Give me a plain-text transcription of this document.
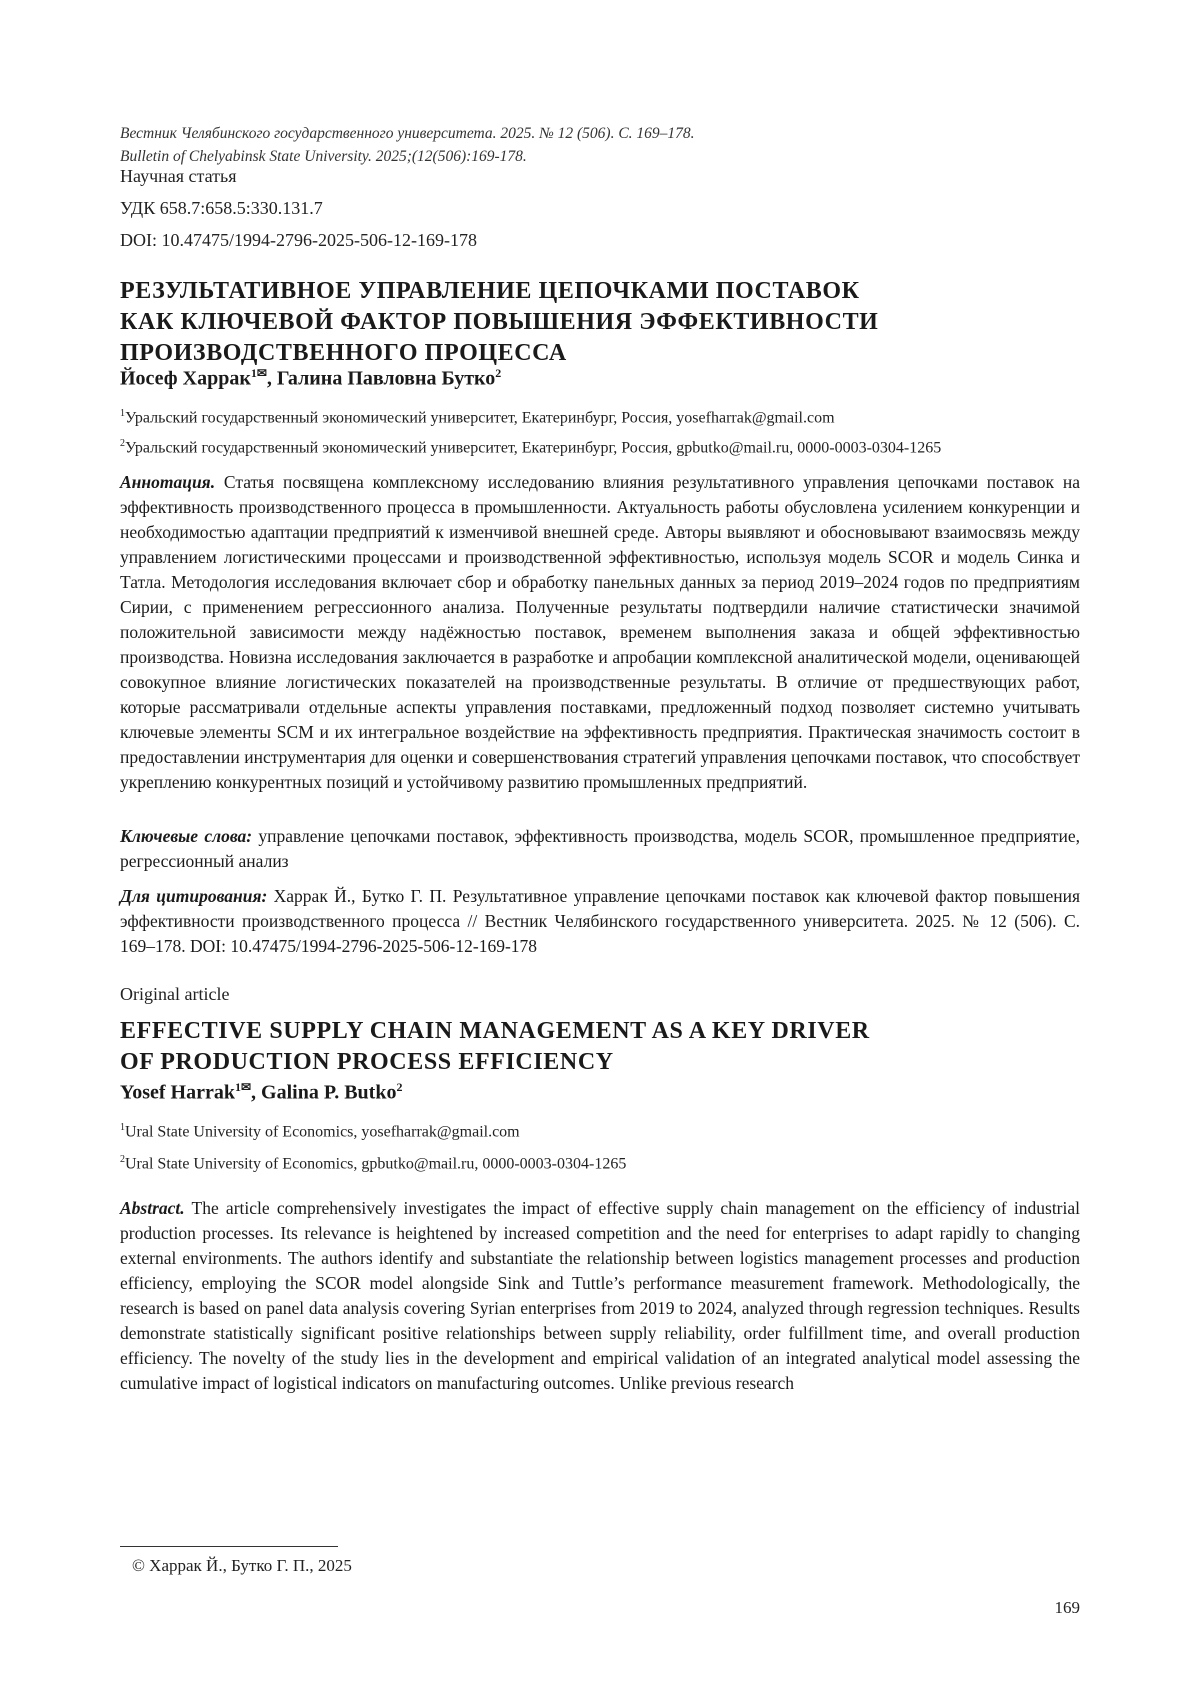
Вестник Челябинского государственного университета. 2025. № 12 (506). С. 169–178.
Bulletin of Chelyabinsk State University. 2025;(12(506):169-178.
Научная статья
УДК 658.7:658.5:330.131.7
DOI: 10.47475/1994-2796-2025-506-12-169-178
РЕЗУЛЬТАТИВНОЕ УПРАВЛЕНИЕ ЦЕПОЧКАМИ ПОСТАВОК
КАК КЛЮЧЕВОЙ ФАКТОР ПОВЫШЕНИЯ ЭФФЕКТИВНОСТИ
ПРОИЗВОДСТВЕННОГО ПРОЦЕССА
Йосеф Харрак$^1$✉, Галина Павловна Бутко$^2$
$^1$Уральский государственный экономический университет, Екатеринбург, Россия, yosefharrak@gmail.com
$^2$Уральский государственный экономический университет, Екатеринбург, Россия, gpbutko@mail.ru, 0000-0003-0304-1265
Аннотация. Статья посвящена комплексному исследованию влияния результативного управления цепочками поставок на эффективность производственного процесса в промышленности. Актуальность работы обусловлена усилением конкуренции и необходимостью адаптации предприятий к изменчивой внешней среде. Авторы выявляют и обосновывают взаимосвязь между управлением логистическими процессами и производственной эффективностью, используя модель SCOR и модель Синка и Татла. Методология исследования включает сбор и обработку панельных данных за период 2019–2024 годов по предприятиям Сирии, с применением регрессионного анализа. Полученные результаты подтвердили наличие статистически значимой положительной зависимости между надёжностью поставок, временем выполнения заказа и общей эффективностью производства. Новизна исследования заключается в разработке и апробации комплексной аналитической модели, оценивающей совокупное влияние логистических показателей на производственные результаты. В отличие от предшествующих работ, которые рассматривали отдельные аспекты управления поставками, предложенный подход позволяет системно учитывать ключевые элементы SCM и их интегральное воздействие на эффективность предприятия. Практическая значимость состоит в предоставлении инструментария для оценки и совершенствования стратегий управления цепочками поставок, что способствует укреплению конкурентных позиций и устойчивому развитию промышленных предприятий.
Ключевые слова: управление цепочками поставок, эффективность производства, модель SCOR, промышленное предприятие, регрессионный анализ
Для цитирования: Харрак Й., Бутко Г. П. Результативное управление цепочками поставок как ключевой фактор повышения эффективности производственного процесса // Вестник Челябинского государственного университета. 2025. № 12 (506). С. 169–178. DOI: 10.47475/1994-2796-2025-506-12-169-178
Original article
EFFECTIVE SUPPLY CHAIN MANAGEMENT AS A KEY DRIVER
OF PRODUCTION PROCESS EFFICIENCY
Yosef Harrak$^1$✉, Galina P. Butko$^2$
$^1$Ural State University of Economics, yosefharrak@gmail.com
$^2$Ural State University of Economics, gpbutko@mail.ru, 0000-0003-0304-1265
Abstract. The article comprehensively investigates the impact of effective supply chain management on the efficiency of industrial production processes. Its relevance is heightened by increased competition and the need for enterprises to adapt rapidly to changing external environments. The authors identify and substantiate the relationship between logistics management processes and production efficiency, employing the SCOR model alongside Sink and Tuttle’s performance measurement framework. Methodologically, the research is based on panel data analysis covering Syrian enterprises from 2019 to 2024, analyzed through regression techniques. Results demonstrate statistically significant positive relationships between supply reliability, order fulfillment time, and overall production efficiency. The novelty of the study lies in the development and empirical validation of an integrated analytical model assessing the cumulative impact of logistical indicators on manufacturing outcomes. Unlike previous research
© Харрак Й., Бутко Г. П., 2025
169
